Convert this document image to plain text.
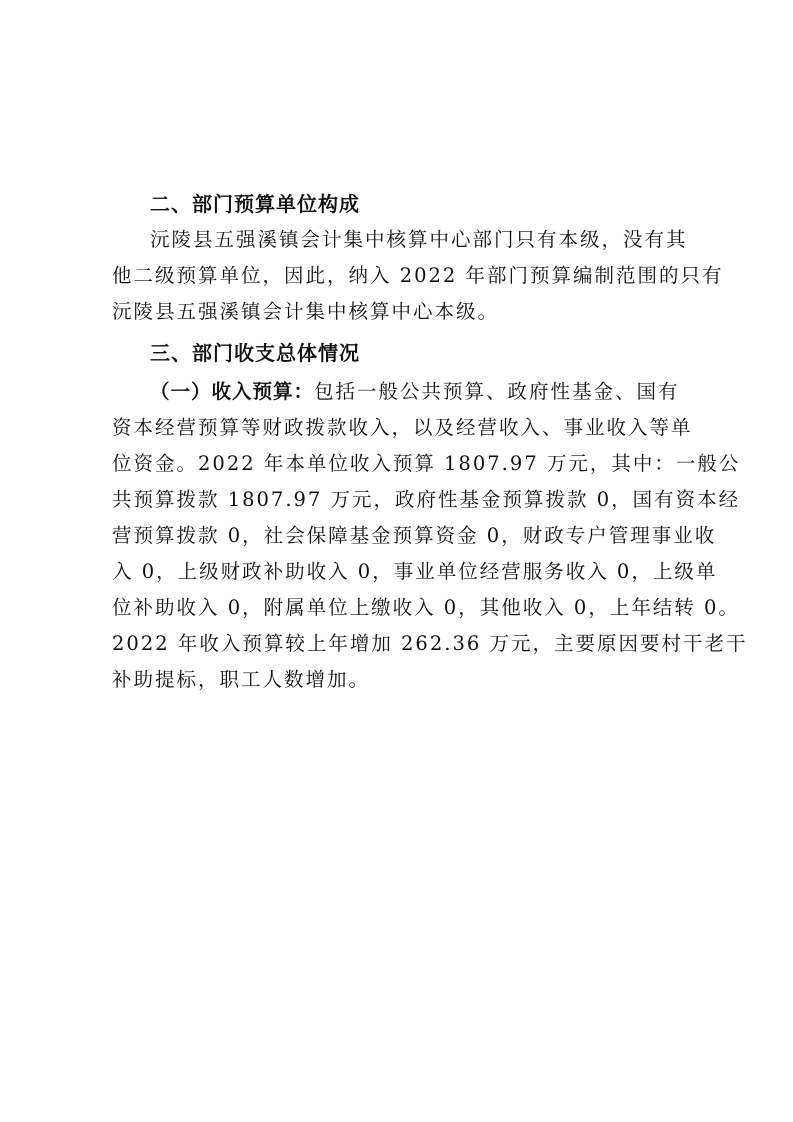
二、部门预算单位构成

沅陵县五强溪镇会计集中核算中心部门只有本级，没有其

他二级预算单位，因此，纳入 2022 年部门预算编制范围的只有

沅陵县五强溪镇会计集中核算中心本级。

三、部门收支总体情况

（一）收入预算：包括一般公共预算、政府性基金、国有

资本经营预算等财政拨款收入，以及经营收入、事业收入等单

位资金。2022 年本单位收入预算 1807.97 万元，其中：一般公

共预算拨款 1807.97 万元，政府性基金预算拨款 0，国有资本经

营预算拨款 0，社会保障基金预算资金 0，财政专户管理事业收

入 0，上级财政补助收入 0，事业单位经营服务收入 0，上级单

位补助收入 0，附属单位上缴收入 0，其他收入 0，上年结转 0。

2022 年收入预算较上年增加 262.36 万元，主要原因要村干老干

补助提标，职工人数增加。
